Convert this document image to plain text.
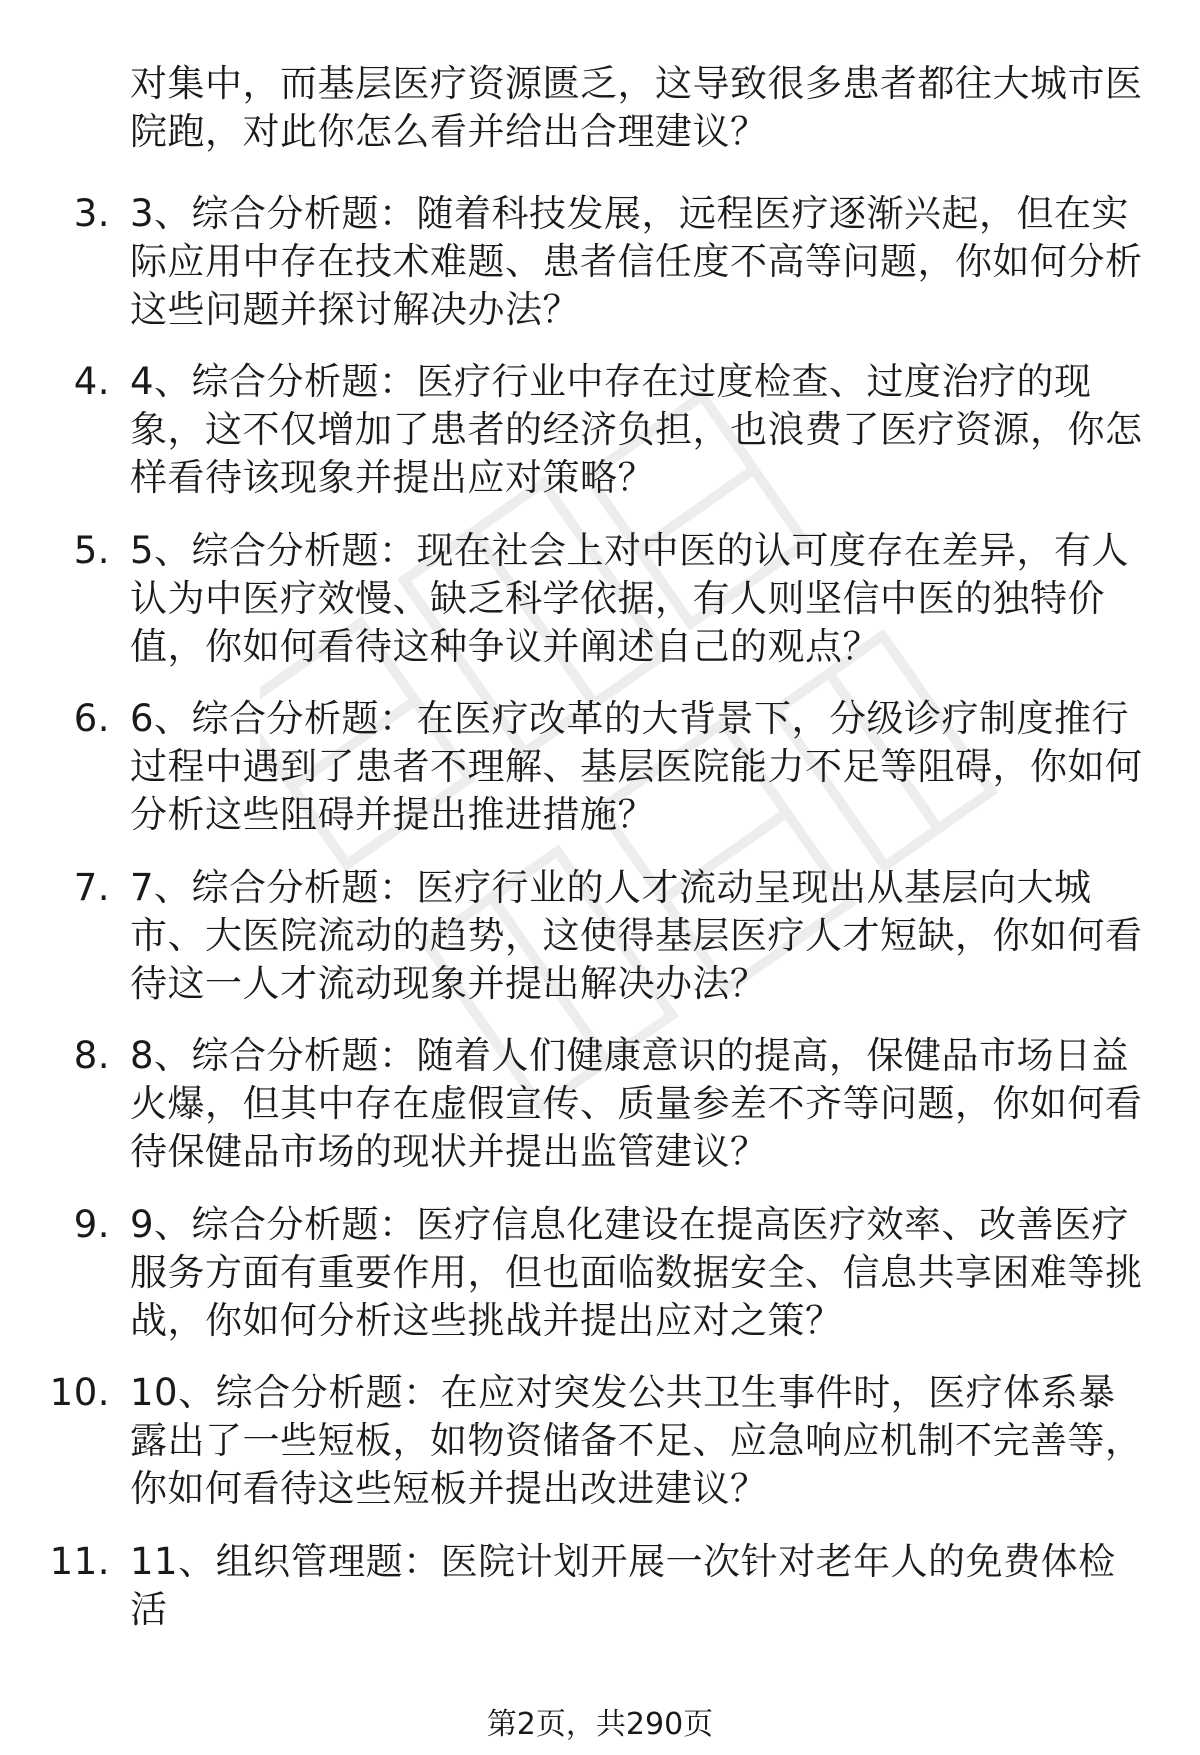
对集中，而基层医疗资源匮乏，这导致很多患者都往大城市医院跑，对此你怎么看并给出合理建议？
3. 3、综合分析题：随着科技发展，远程医疗逐渐兴起，但在实际应用中存在技术难题、患者信任度不高等问题，你如何分析这些问题并探讨解决办法？
4. 4、综合分析题：医疗行业中存在过度检查、过度治疗的现象，这不仅增加了患者的经济负担，也浪费了医疗资源，你怎样看待该现象并提出应对策略？
5. 5、综合分析题：现在社会上对中医的认可度存在差异，有人认为中医疗效慢、缺乏科学依据，有人则坚信中医的独特价值，你如何看待这种争议并阐述自己的观点？
6. 6、综合分析题：在医疗改革的大背景下，分级诊疗制度推行过程中遇到了患者不理解、基层医院能力不足等阻碍，你如何分析这些阻碍并提出推进措施？
7. 7、综合分析题：医疗行业的人才流动呈现出从基层向大城市、大医院流动的趋势，这使得基层医疗人才短缺，你如何看待这一人才流动现象并提出解决办法？
8. 8、综合分析题：随着人们健康意识的提高，保健品市场日益火爆，但其中存在虚假宣传、质量参差不齐等问题，你如何看待保健品市场的现状并提出监管建议？
9. 9、综合分析题：医疗信息化建设在提高医疗效率、改善医疗服务方面有重要作用，但也面临数据安全、信息共享困难等挑战，你如何分析这些挑战并提出应对之策？
10. 10、综合分析题：在应对突发公共卫生事件时，医疗体系暴露出了一些短板，如物资储备不足、应急响应机制不完善等，你如何看待这些短板并提出改进建议？
11. 11、组织管理题：医院计划开展一次针对老年人的免费体检活
第2页，共290页
